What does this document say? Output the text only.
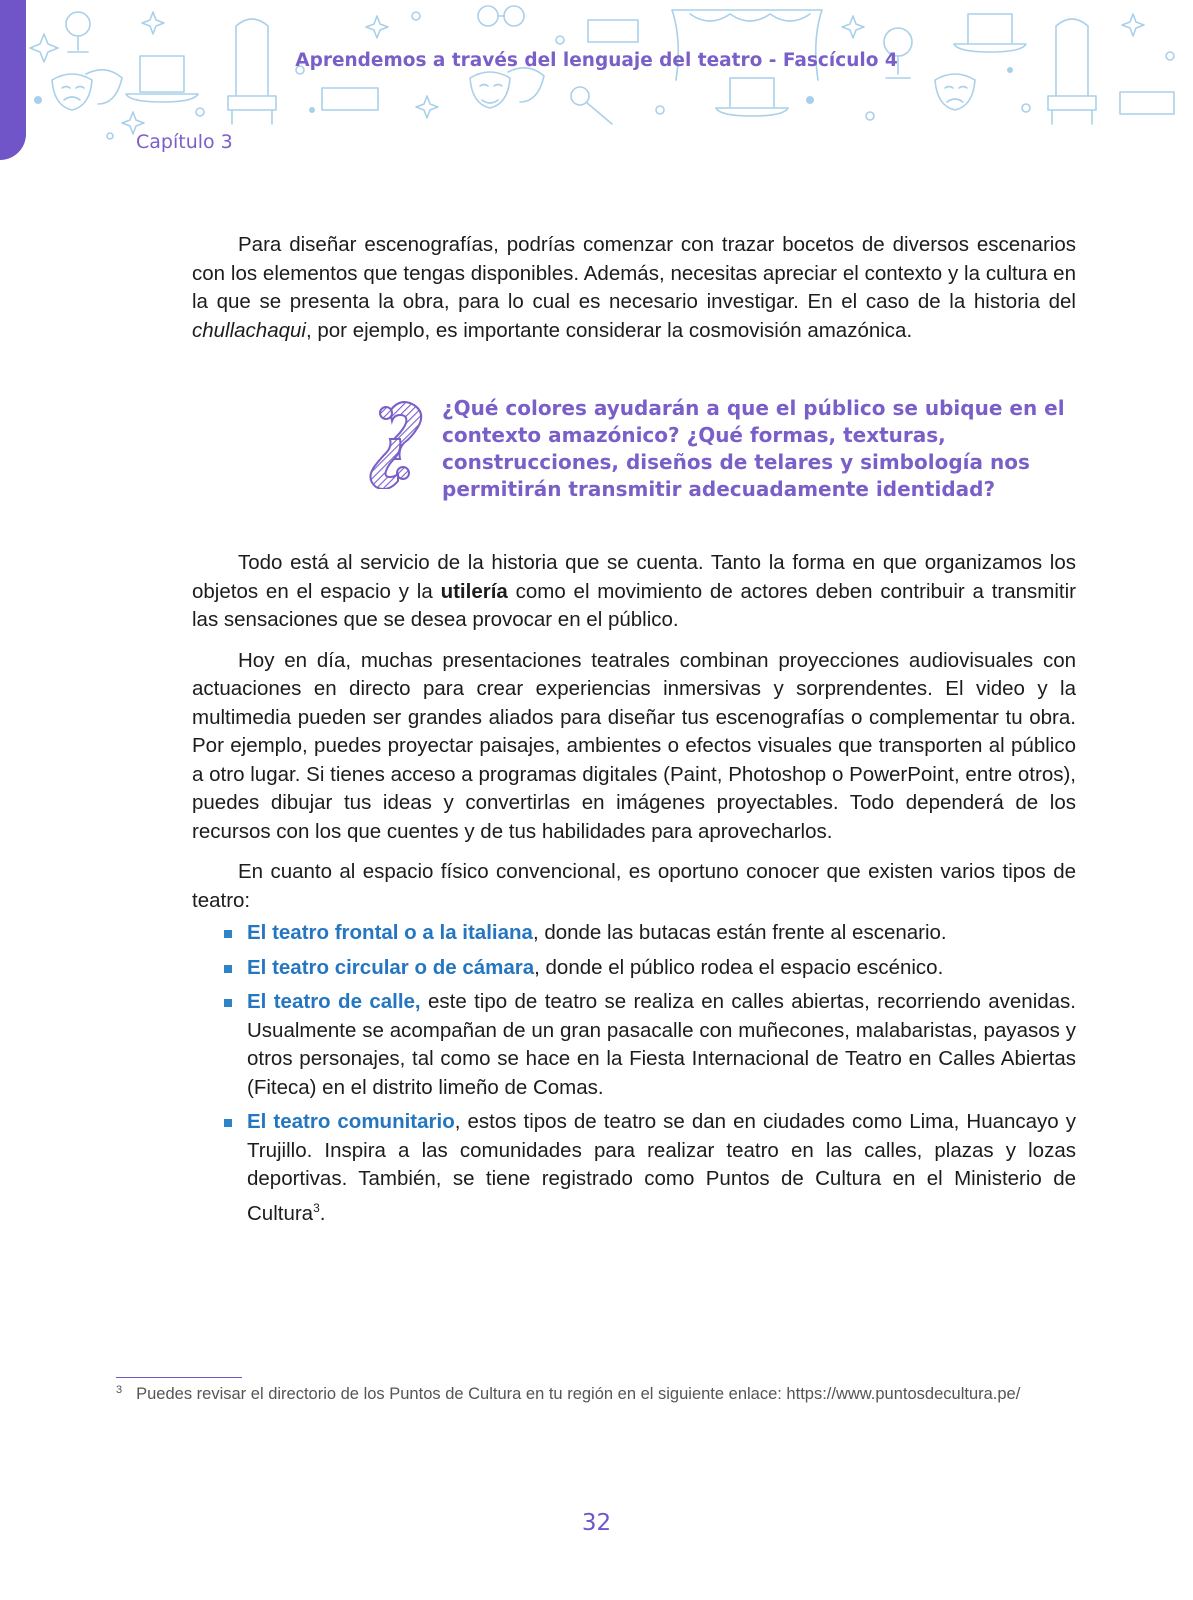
Aprendemos a través del lenguaje del teatro - Fascículo 4
Capítulo 3

Para diseñar escenografías, podrías comenzar con trazar bocetos de diversos escenarios con los elementos que tengas disponibles. Además, necesitas apreciar el contexto y la cultura en la que se presenta la obra, para lo cual es necesario investigar. En el caso de la historia del chullachaqui, por ejemplo, es importante considerar la cosmovisión amazónica.

¿Qué colores ayudarán a que el público se ubique en el contexto amazónico? ¿Qué formas, texturas, construcciones, diseños de telares y simbología nos permitirán transmitir adecuadamente identidad?

Todo está al servicio de la historia que se cuenta. Tanto la forma en que organizamos los objetos en el espacio y la utilería como el movimiento de actores deben contribuir a transmitir las sensaciones que se desea provocar en el público.

Hoy en día, muchas presentaciones teatrales combinan proyecciones audiovisuales con actuaciones en directo para crear experiencias inmersivas y sorprendentes. El video y la multimedia pueden ser grandes aliados para diseñar tus escenografías o complementar tu obra. Por ejemplo, puedes proyectar paisajes, ambientes o efectos visuales que transporten al público a otro lugar. Si tienes acceso a programas digitales (Paint, Photoshop o PowerPoint, entre otros), puedes dibujar tus ideas y convertirlas en imágenes proyectables. Todo dependerá de los recursos con los que cuentes y de tus habilidades para aprovecharlos.

En cuanto al espacio físico convencional, es oportuno conocer que existen varios tipos de teatro:

El teatro frontal o a la italiana, donde las butacas están frente al escenario.
El teatro circular o de cámara, donde el público rodea el espacio escénico.
El teatro de calle, este tipo de teatro se realiza en calles abiertas, recorriendo avenidas. Usualmente se acompañan de un gran pasacalle con muñecones, malabaristas, payasos y otros personajes, tal como se hace en la Fiesta Internacional de Teatro en Calles Abiertas (Fiteca) en el distrito limeño de Comas.
El teatro comunitario, estos tipos de teatro se dan en ciudades como Lima, Huancayo y Trujillo. Inspira a las comunidades para realizar teatro en las calles, plazas y lozas deportivas. También, se tiene registrado como Puntos de Cultura en el Ministerio de Cultura$^3$.
$^3$ Puedes revisar el directorio de los Puntos de Cultura en tu región en el siguiente enlace: https://www.puntosdecultura.pe/
32
